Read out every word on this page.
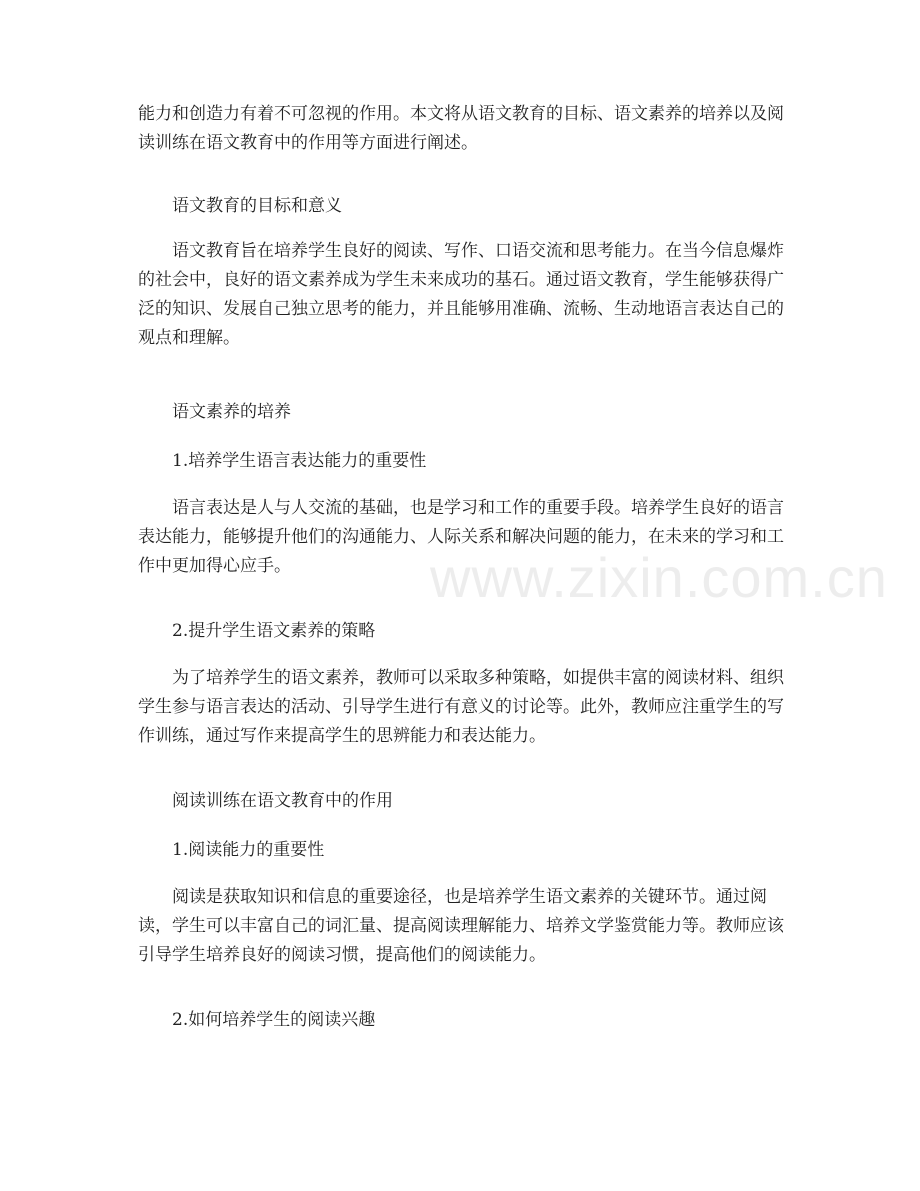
能力和创造力有着不可忽视的作用。本文将从语文教育的目标、语文素养的培养以及阅读训练在语文教育中的作用等方面进行阐述。

语文教育的目标和意义

语文教育旨在培养学生良好的阅读、写作、口语交流和思考能力。在当今信息爆炸的社会中，良好的语文素养成为学生未来成功的基石。通过语文教育，学生能够获得广泛的知识、发展自己独立思考的能力，并且能够用准确、流畅、生动地语言表达自己的观点和理解。

语文素养的培养

1.培养学生语言表达能力的重要性

语言表达是人与人交流的基础，也是学习和工作的重要手段。培养学生良好的语言表达能力，能够提升他们的沟通能力、人际关系和解决问题的能力，在未来的学习和工作中更加得心应手。

2.提升学生语文素养的策略

为了培养学生的语文素养，教师可以采取多种策略，如提供丰富的阅读材料、组织学生参与语言表达的活动、引导学生进行有意义的讨论等。此外，教师应注重学生的写作训练，通过写作来提高学生的思辨能力和表达能力。

阅读训练在语文教育中的作用

1.阅读能力的重要性

阅读是获取知识和信息的重要途径，也是培养学生语文素养的关键环节。通过阅读，学生可以丰富自己的词汇量、提高阅读理解能力、培养文学鉴赏能力等。教师应该引导学生培养良好的阅读习惯，提高他们的阅读能力。

2.如何培养学生的阅读兴趣

www.zixin.com.cn
